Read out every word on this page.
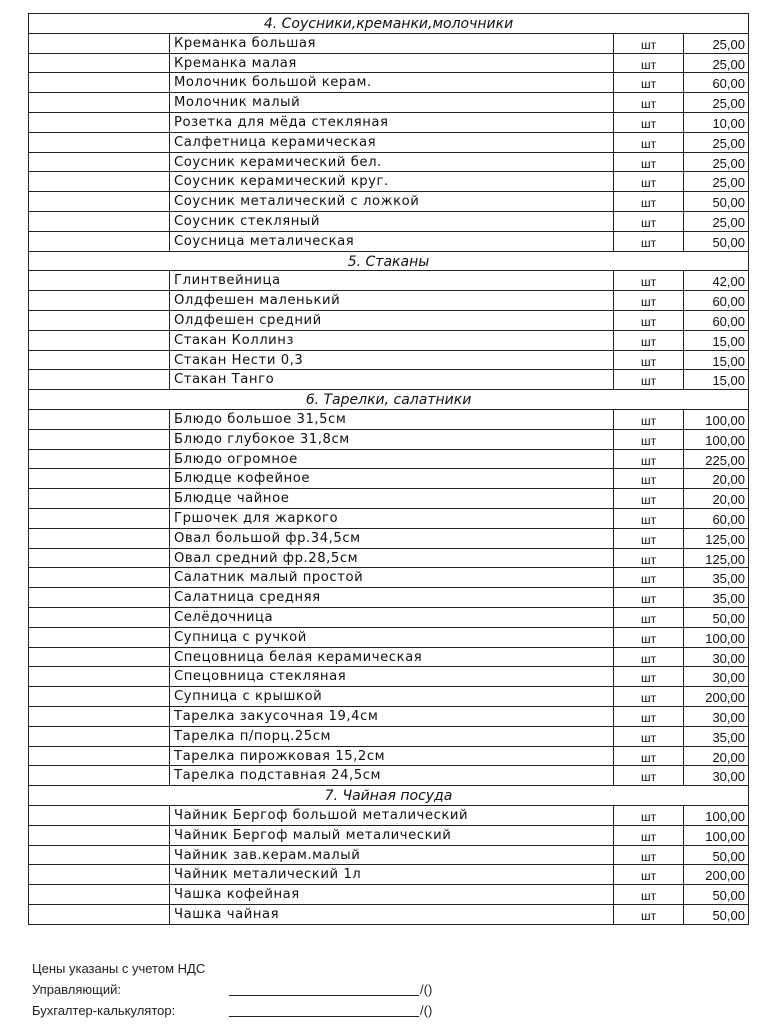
4. Соусники,креманки,молочники
Креманка большая	шт	25,00
Креманка малая	шт	25,00
Молочник большой керам.	шт	60,00
Молочник малый	шт	25,00
Розетка для мёда стекляная	шт	10,00
Салфетница керамическая	шт	25,00
Соусник керамический бел.	шт	25,00
Соусник керамический круг.	шт	25,00
Соусник металический с ложкой	шт	50,00
Соусник стекляный	шт	25,00
Соусница металическая	шт	50,00
5. Стаканы
Глинтвейница	шт	42,00
Олдфешен маленький	шт	60,00
Олдфешен средний	шт	60,00
Стакан Коллинз	шт	15,00
Стакан Нести 0,3	шт	15,00
Стакан Танго	шт	15,00
6. Тарелки, салатники
Блюдо большое 31,5см	шт	100,00
Блюдо глубокое 31,8см	шт	100,00
Блюдо огромное	шт	225,00
Блюдце кофейное	шт	20,00
Блюдце чайное	шт	20,00
Гршочек для жаркого	шт	60,00
Овал большой фр.34,5см	шт	125,00
Овал средний фр.28,5см	шт	125,00
Салатник малый простой	шт	35,00
Салатница средняя	шт	35,00
Селёдочница	шт	50,00
Супница с ручкой	шт	100,00
Спецовница белая керамическая	шт	30,00
Спецовница стекляная	шт	30,00
Супница с крышкой	шт	200,00
Тарелка закусочная 19,4см	шт	30,00
Тарелка п/порц.25см	шт	35,00
Тарелка пирожковая 15,2см	шт	20,00
Тарелка подставная 24,5см	шт	30,00
7. Чайная посуда
Чайник Бергоф большой металический	шт	100,00
Чайник Бергоф малый металический	шт	100,00
Чайник зав.керам.малый	шт	50,00
Чайник металический 1л	шт	200,00
Чашка кофейная	шт	50,00
Чашка чайная	шт	50,00
Цены указаны с учетом НДС
Управляющий:	/()
Бухгалтер-калькулятор:	/()
